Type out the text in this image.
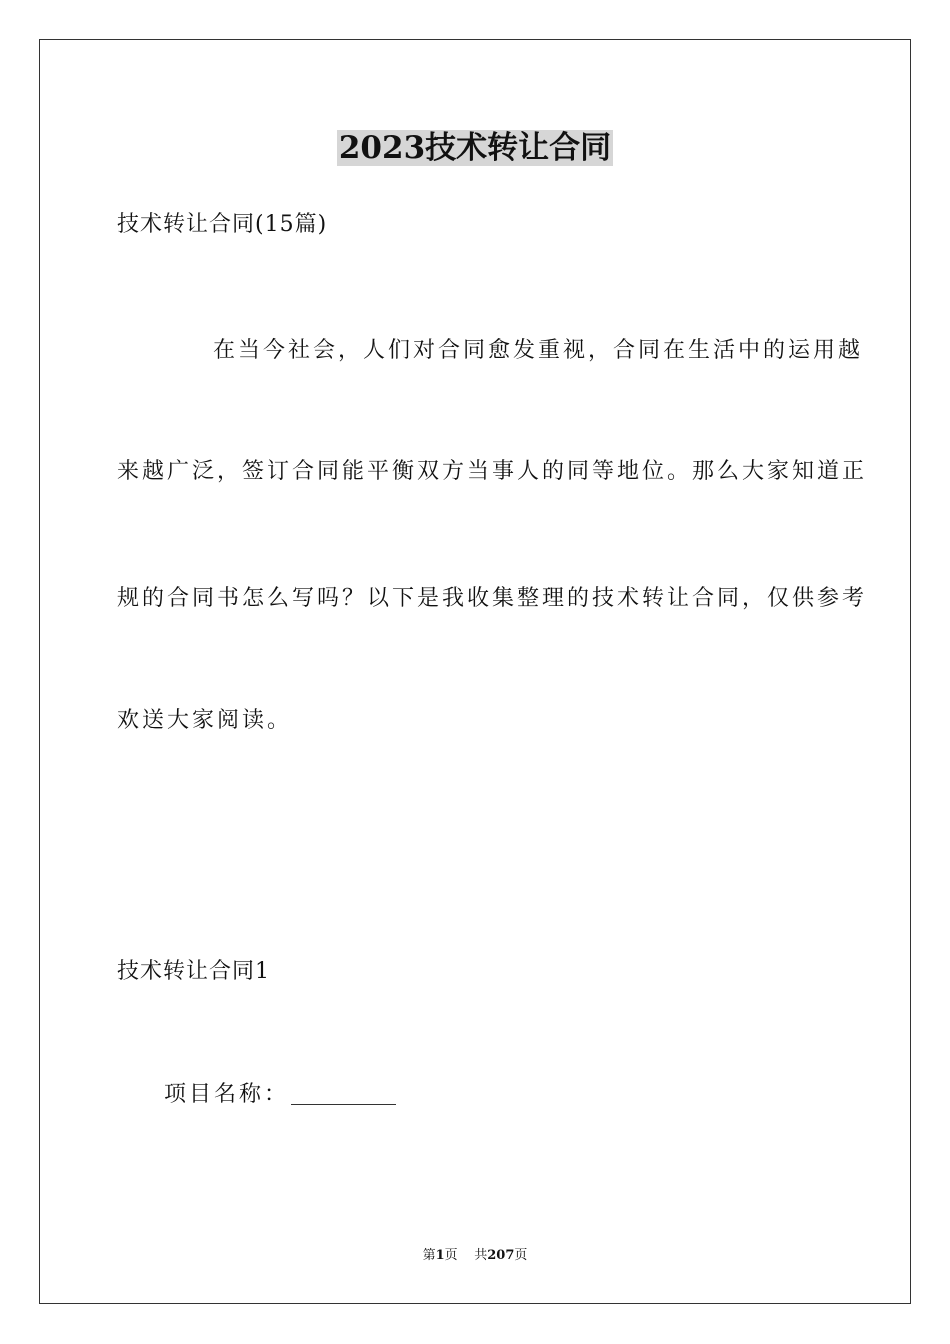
2023技术转让合同
技术转让合同(15篇)
在当今社会，人们对合同愈发重视，合同在生活中的运用越
来越广泛，签订合同能平衡双方当事人的同等地位。那么大家知道正
规的合同书怎么写吗？以下是我收集整理的技术转让合同，仅供参考
欢送大家阅读。
技术转让合同1
项目名称：
第1页 共207页
